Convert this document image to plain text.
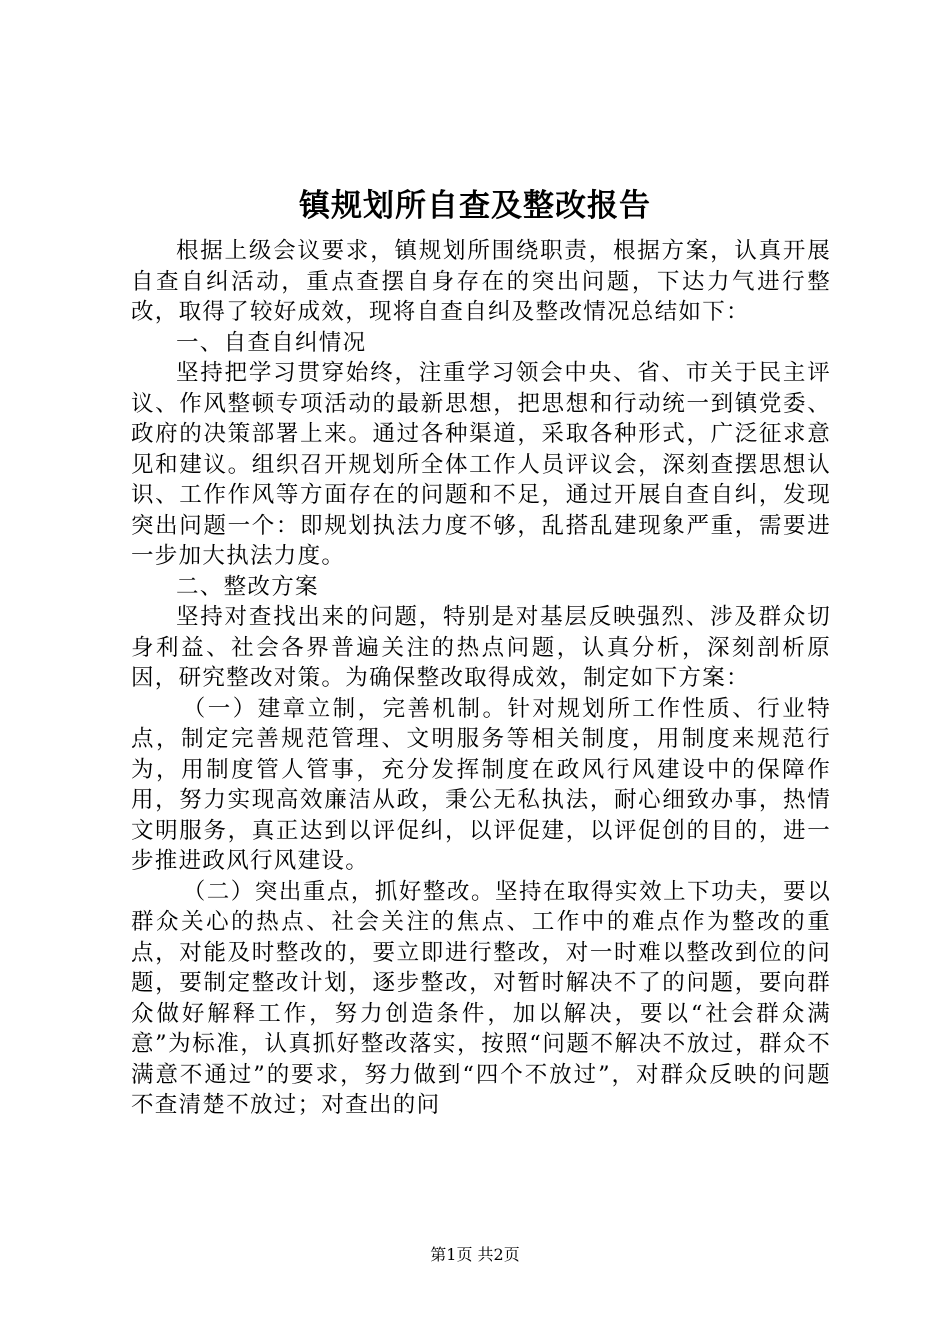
镇规划所自查及整改报告

根据上级会议要求，镇规划所围绕职责，根据方案，认真开展自查自纠活动，重点查摆自身存在的突出问题，下达力气进行整改，取得了较好成效，现将自查自纠及整改情况总结如下：

一、自查自纠情况

坚持把学习贯穿始终，注重学习领会中央、省、市关于民主评议、作风整顿专项活动的最新思想，把思想和行动统一到镇党委、政府的决策部署上来。通过各种渠道，采取各种形式，广泛征求意见和建议。组织召开规划所全体工作人员评议会，深刻查摆思想认识、工作作风等方面存在的问题和不足，通过开展自查自纠，发现突出问题一个：即规划执法力度不够，乱搭乱建现象严重，需要进一步加大执法力度。

二、整改方案

坚持对查找出来的问题，特别是对基层反映强烈、涉及群众切身利益、社会各界普遍关注的热点问题，认真分析，深刻剖析原因，研究整改对策。为确保整改取得成效，制定如下方案：

（一）建章立制，完善机制。针对规划所工作性质、行业特点，制定完善规范管理、文明服务等相关制度，用制度来规范行为，用制度管人管事，充分发挥制度在政风行风建设中的保障作用，努力实现高效廉洁从政，秉公无私执法，耐心细致办事，热情文明服务，真正达到以评促纠，以评促建，以评促创的目的，进一步推进政风行风建设。

（二）突出重点，抓好整改。坚持在取得实效上下功夫，要以群众关心的热点、社会关注的焦点、工作中的难点作为整改的重点，对能及时整改的，要立即进行整改，对一时难以整改到位的问题，要制定整改计划，逐步整改，对暂时解决不了的问题，要向群众做好解释工作，努力创造条件，加以解决，要以“社会群众满意”为标准，认真抓好整改落实，按照“问题不解决不放过，群众不满意不通过”的要求，努力做到“四个不放过”，对群众反映的问题不查清楚不放过；对查出的问

第1页 共2页
